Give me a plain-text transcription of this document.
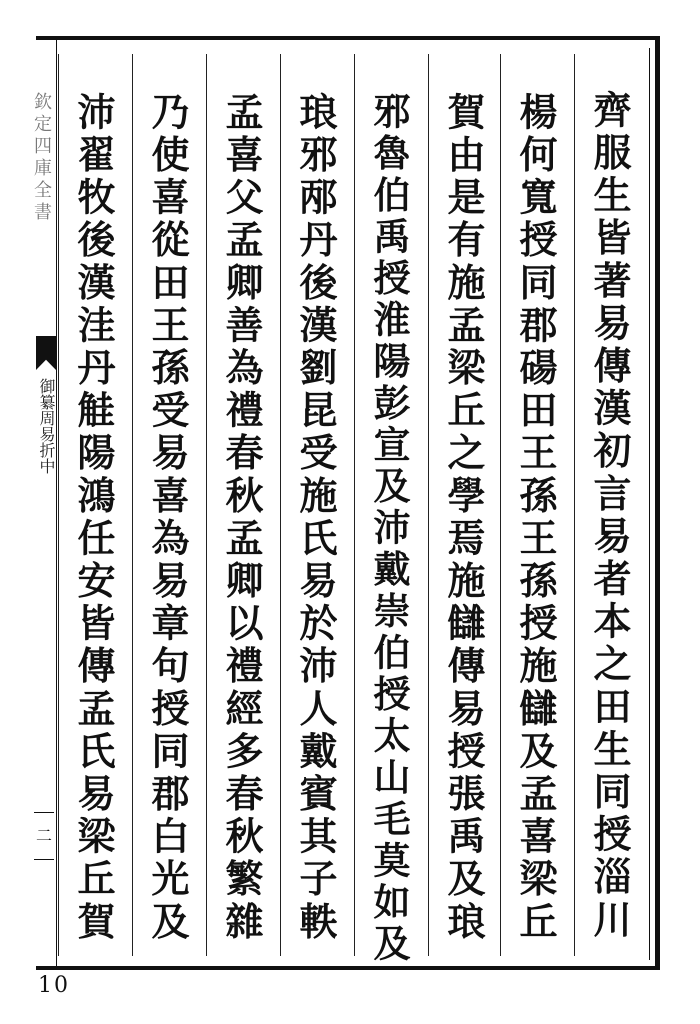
欽定四庫全書
御纂周易折中
二	齊服生皆著易傳漢初言易者本之田生同授淄川
楊何寬授同郡碭田王孫王孫授施讎及孟喜梁丘
賀由是有施孟梁丘之學焉施讎傳易授張禹及琅
邪魯伯禹授淮陽彭宣及沛戴崇伯授太山毛莫如及
琅邪邴丹後漢劉昆受施氏易於沛人戴賓其子軼
孟喜父孟卿善為禮春秋孟卿以禮經多春秋繁雜
乃使喜從田王孫受易喜為易章句授同郡白光及
沛翟牧後漢洼丹觟陽鴻任安皆傳孟氏易梁丘賀
10
